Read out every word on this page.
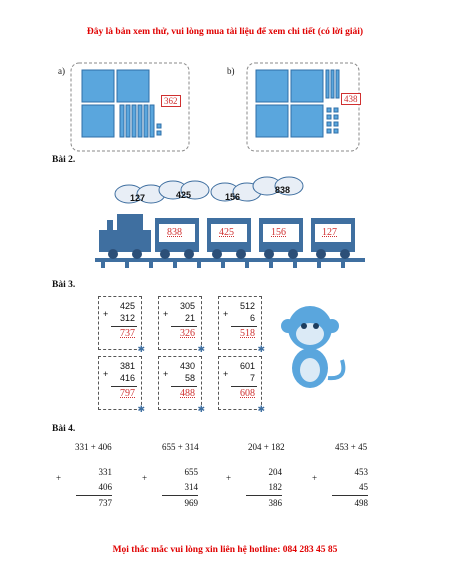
Đây là bản xem thử, vui lòng mua tài liệu để xem chi tiết (có lời giải)
a)	b)
362	438
Bài 2.
127	425	156
838
838	425	156	127
Bài 3.
+
425
312
737
✱
+
305
21
326
✱
+
512
6
518
✱
+
381
416
797
✱
+
430
58
488
✱
+
601
7
608
✱
Bài 4.
331 + 406	655 + 314	204 + 182	453 + 45
+
331
406
737
+
655
314
969
+
204
182
386
+
453
45
498
Mọi thắc mắc vui lòng xin liên hệ hotline: 084 283 45 85
